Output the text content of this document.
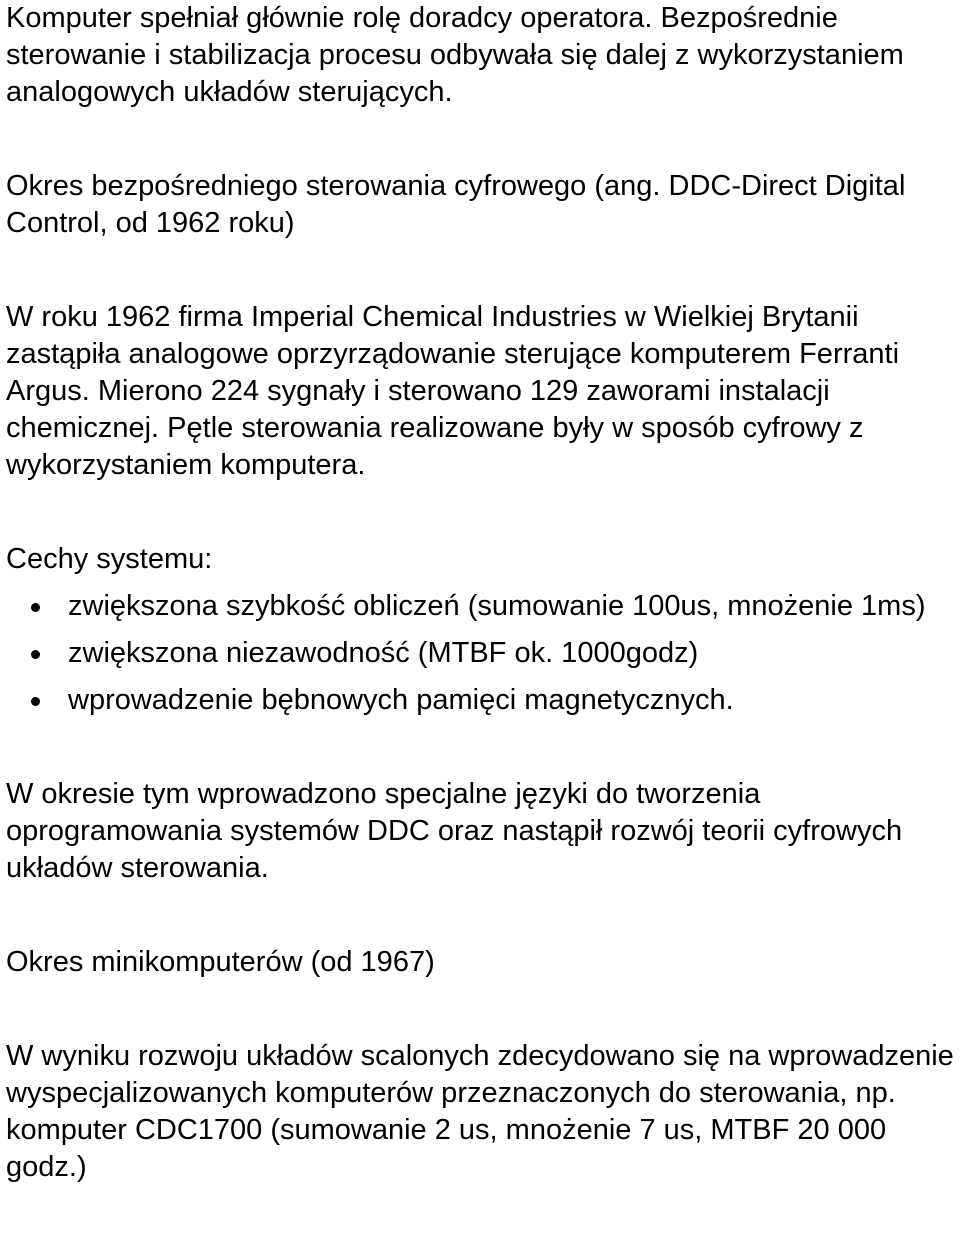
Komputer spełniał głównie rolę doradcy operatora. Bezpośrednie sterowanie i stabilizacja procesu odbywała się dalej z wykorzystaniem analogowych układów sterujących.

Okres bezpośredniego sterowania cyfrowego (ang. DDC-Direct Digital Control, od 1962 roku)

W roku 1962 firma Imperial Chemical Industries w Wielkiej Brytanii zastąpiła analogowe oprzyrządowanie sterujące komputerem Ferranti Argus. Mierono 224 sygnały i sterowano 129 zaworami instalacji chemicznej. Pętle sterowania realizowane były w sposób cyfrowy z wykorzystaniem komputera.

Cechy systemu:

zwiększona szybkość obliczeń (sumowanie 100us, mnożenie 1ms)
zwiększona niezawodność (MTBF ok. 1000godz)
wprowadzenie bębnowych pamięci magnetycznych.

W okresie tym wprowadzono specjalne języki do tworzenia oprogramowania systemów DDC oraz nastąpił rozwój teorii cyfrowych układów sterowania.

Okres minikomputerów (od 1967)

W wyniku rozwoju układów scalonych zdecydowano się na wprowadzenie wyspecjalizowanych komputerów przeznaczonych do sterowania, np. komputer CDC1700 (sumowanie 2 us, mnożenie 7 us, MTBF 20 000 godz.)
